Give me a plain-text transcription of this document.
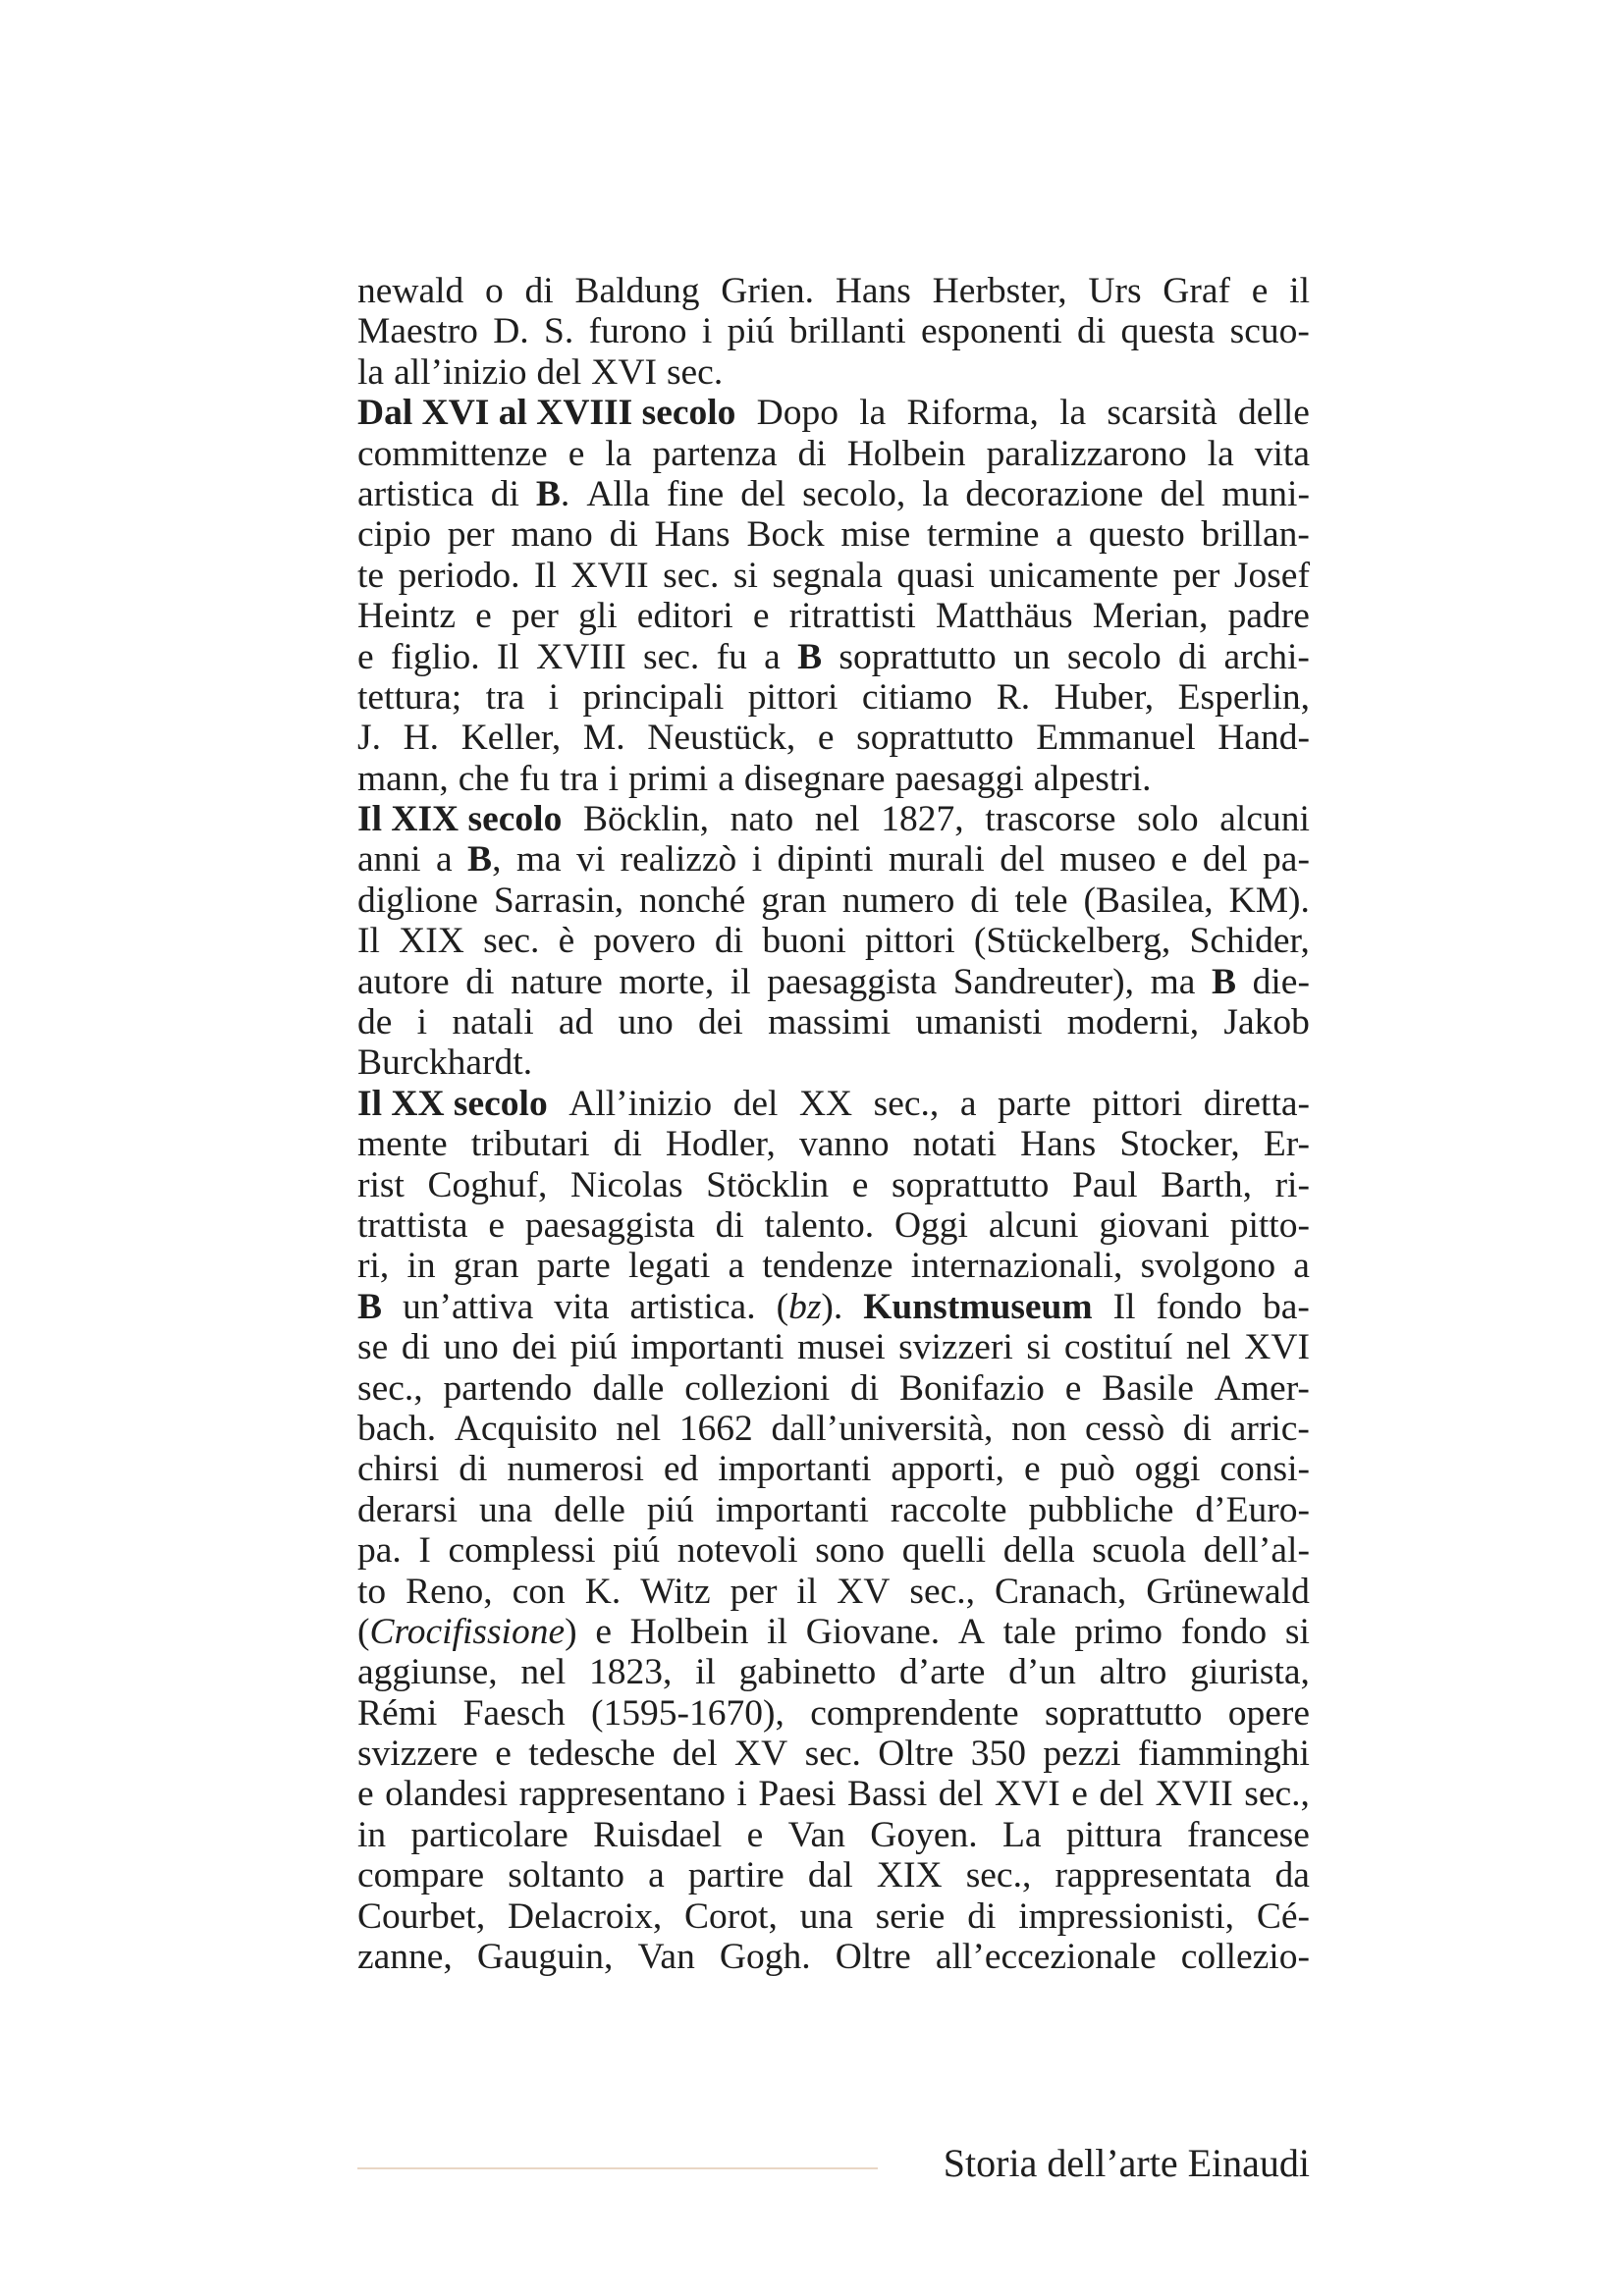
newald o di Baldung Grien. Hans Herbster, Urs Graf e il
Maestro D. S. furono i piú brillanti esponenti di questa scuo-
la all’inizio del XVI sec.
Dal XVI al XVIII secolo Dopo la Riforma, la scarsità delle
committenze e la partenza di Holbein paralizzarono la vita
artistica di B. Alla fine del secolo, la decorazione del muni-
cipio per mano di Hans Bock mise termine a questo brillan-
te periodo. Il XVII sec. si segnala quasi unicamente per Josef
Heintz e per gli editori e ritrattisti Matthäus Merian, padre
e figlio. Il XVIII sec. fu a B soprattutto un secolo di archi-
tettura; tra i principali pittori citiamo R. Huber, Esperlin,
J. H. Keller, M. Neustück, e soprattutto Emmanuel Hand-
mann, che fu tra i primi a disegnare paesaggi alpestri.
Il XIX secolo Böcklin, nato nel 1827, trascorse solo alcuni
anni a B, ma vi realizzò i dipinti murali del museo e del pa-
diglione Sarrasin, nonché gran numero di tele (Basilea, KM).
Il XIX sec. è povero di buoni pittori (Stückelberg, Schider,
autore di nature morte, il paesaggista Sandreuter), ma B die-
de i natali ad uno dei massimi umanisti moderni, Jakob
Burckhardt.
Il XX secolo All’inizio del XX sec., a parte pittori diretta-
mente tributari di Hodler, vanno notati Hans Stocker, Er-
rist Coghuf, Nicolas Stöcklin e soprattutto Paul Barth, ri-
trattista e paesaggista di talento. Oggi alcuni giovani pitto-
ri, in gran parte legati a tendenze internazionali, svolgono a
B un’attiva vita artistica. (bz). Kunstmuseum Il fondo ba-
se di uno dei piú importanti musei svizzeri si costituí nel XVI
sec., partendo dalle collezioni di Bonifazio e Basile Amer-
bach. Acquisito nel 1662 dall’università, non cessò di arric-
chirsi di numerosi ed importanti apporti, e può oggi consi-
derarsi una delle piú importanti raccolte pubbliche d’Euro-
pa. I complessi piú notevoli sono quelli della scuola dell’al-
to Reno, con K. Witz per il XV sec., Cranach, Grünewald
(Crocifissione) e Holbein il Giovane. A tale primo fondo si
aggiunse, nel 1823, il gabinetto d’arte d’un altro giurista,
Rémi Faesch (1595-1670), comprendente soprattutto opere
svizzere e tedesche del XV sec. Oltre 350 pezzi fiamminghi
e olandesi rappresentano i Paesi Bassi del XVI e del XVII sec.,
in particolare Ruisdael e Van Goyen. La pittura francese
compare soltanto a partire dal XIX sec., rappresentata da
Courbet, Delacroix, Corot, una serie di impressionisti, Cé-
zanne, Gauguin, Van Gogh. Oltre all’eccezionale collezio-
Storia dell’arte Einaudi
